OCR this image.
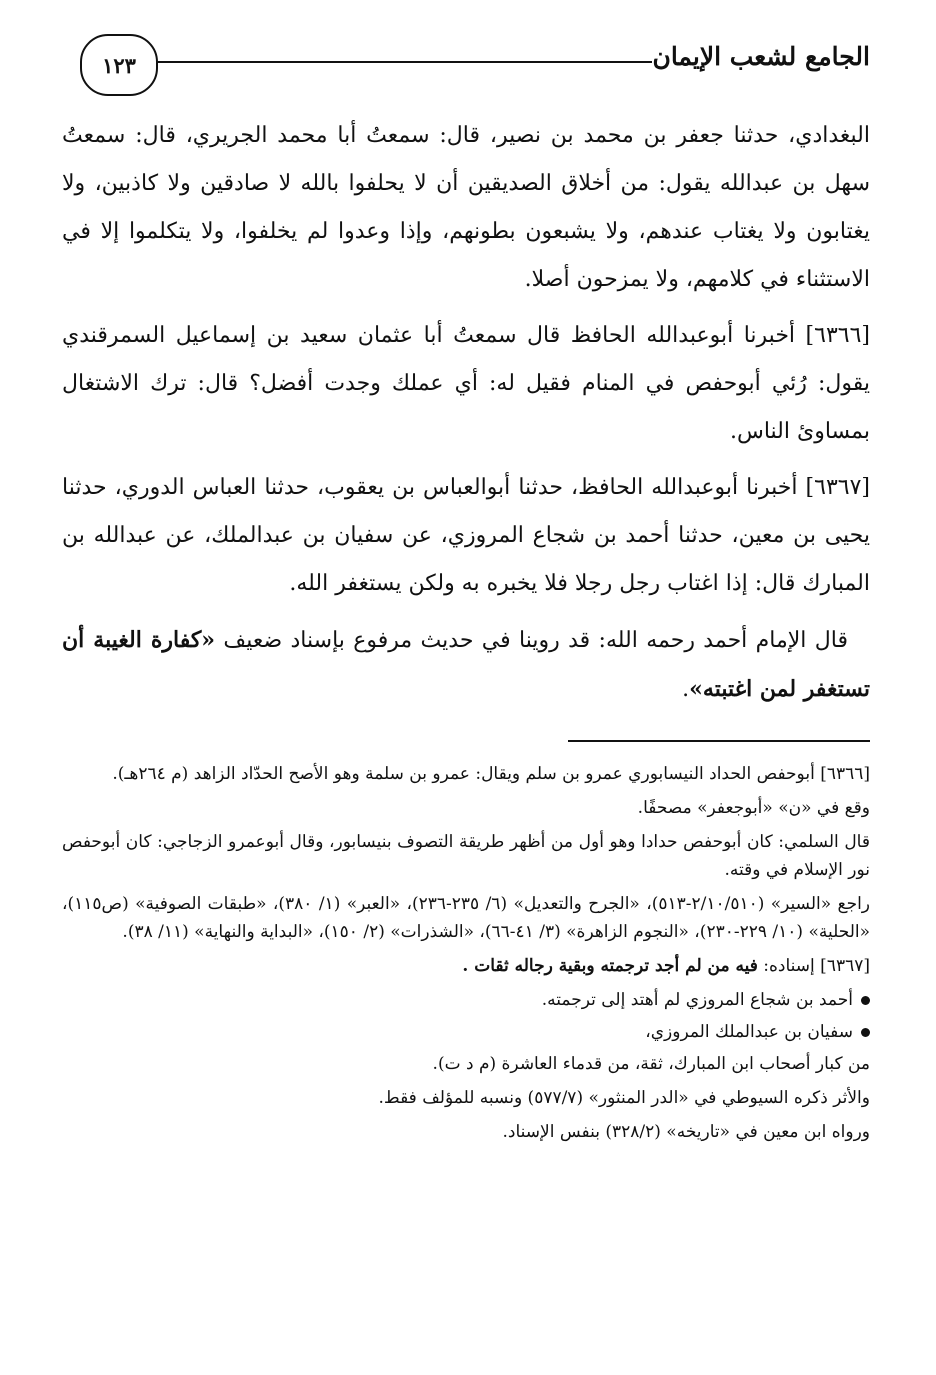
الجامع لشعب الإيمان
١٢٣

البغدادي، حدثنا جعفر بن محمد بن نصير، قال: سمعتُ أبا محمد الجريري، قال: سمعتُ سهل بن عبدالله يقول: من أخلاق الصديقين أن لا يحلفوا بالله لا صادقين ولا كاذبين، ولا يغتابون ولا يغتاب عندهم، ولا يشبعون بطونهم، وإذا وعدوا لم يخلفوا، ولا يتكلموا إلا في الاستثناء في كلامهم، ولا يمزحون أصلا.

[٦٣٦٦] أخبرنا أبوعبدالله الحافظ قال سمعتُ أبا عثمان سعيد بن إسماعيل السمرقندي يقول: رُئي أبوحفص في المنام فقيل له: أي عملك وجدت أفضل؟ قال: ترك الاشتغال بمساوئ الناس.

[٦٣٦٧] أخبرنا أبوعبدالله الحافظ، حدثنا أبوالعباس بن يعقوب، حدثنا العباس الدوري، حدثنا يحيى بن معين، حدثنا أحمد بن شجاع المروزي، عن سفيان بن عبدالملك، عن عبدالله بن المبارك قال: إذا اغتاب رجل رجلا فلا يخبره به ولكن يستغفر الله.

قال الإمام أحمد رحمه الله: قد روينا في حديث مرفوع بإسناد ضعيف «كفارة الغيبة أن تستغفر لمن اغتبته».

[٦٣٦٦] أبوحفص الحداد النيسابوري عمرو بن سلم ويقال: عمرو بن سلمة وهو الأصح الحدّاد الزاهد (م ٢٦٤هـ).

وقع في «ن» «أبوجعفر» مصحفًا.

قال السلمي: كان أبوحفص حدادا وهو أول من أظهر طريقة التصوف بنيسابور، وقال أبوعمرو الزجاجي: كان أبوحفص نور الإسلام في وقته.

راجع «السير» (٢/١٠/٥١٠-٥١٣)، «الجرح والتعديل» (٦/ ٢٣٥-٢٣٦)، «العبر» (١/ ٣٨٠)، «طبقات الصوفية» (ص١١٥)، «الحلية» (١٠/ ٢٢٩-٢٣٠)، «النجوم الزاهرة» (٣/ ٤١-٦٦)، «الشذرات» (٢/ ١٥٠)، «البداية والنهاية» (١١/ ٣٨).

[٦٣٦٧] إسناده: فيه من لم أجد ترجمته وبقية رجاله ثقات .

أحمد بن شجاع المروزي لم أهتد إلى ترجمته.

سفيان بن عبدالملك المروزي،

من كبار أصحاب ابن المبارك، ثقة، من قدماء العاشرة (م د ت).

والأثر ذكره السيوطي في «الدر المنثور» (٥٧٧/٧) ونسبه للمؤلف فقط.

ورواه ابن معين في «تاريخه» (٣٢٨/٢) بنفس الإسناد.
